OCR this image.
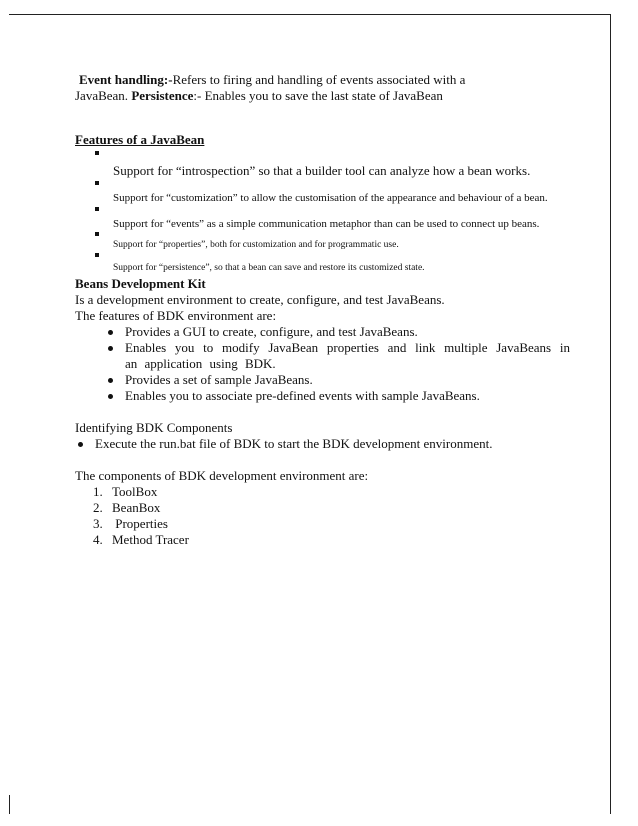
Event handling:-Refers to firing and handling of events associated with a

JavaBean. Persistence:- Enables you to save the last state of JavaBean

Features of a JavaBean

Support for “introspection” so that a builder tool can analyze how a bean works.
Support for “customization” to allow the customisation of the appearance and behaviour of a bean.
Support for “events” as a simple communication metaphor than can be used to connect up beans.
Support for “properties”, both for customization and for programmatic use.
Support for “persistence”, so that a bean can save and restore its customized state.

Beans Development Kit

Is a development environment to create, configure, and test JavaBeans.

The features of BDK environment are:

Provides a GUI to create, configure, and test JavaBeans.
Enables you to modify JavaBean properties and link multiple JavaBeans in an application using BDK.
Provides a set of sample JavaBeans.
Enables you to associate pre-defined events with sample JavaBeans.

Identifying BDK Components

Execute the run.bat file of BDK to start the BDK development environment.

The components of BDK development environment are:

1. ToolBox
2. BeanBox
3. Properties
4. Method Tracer
